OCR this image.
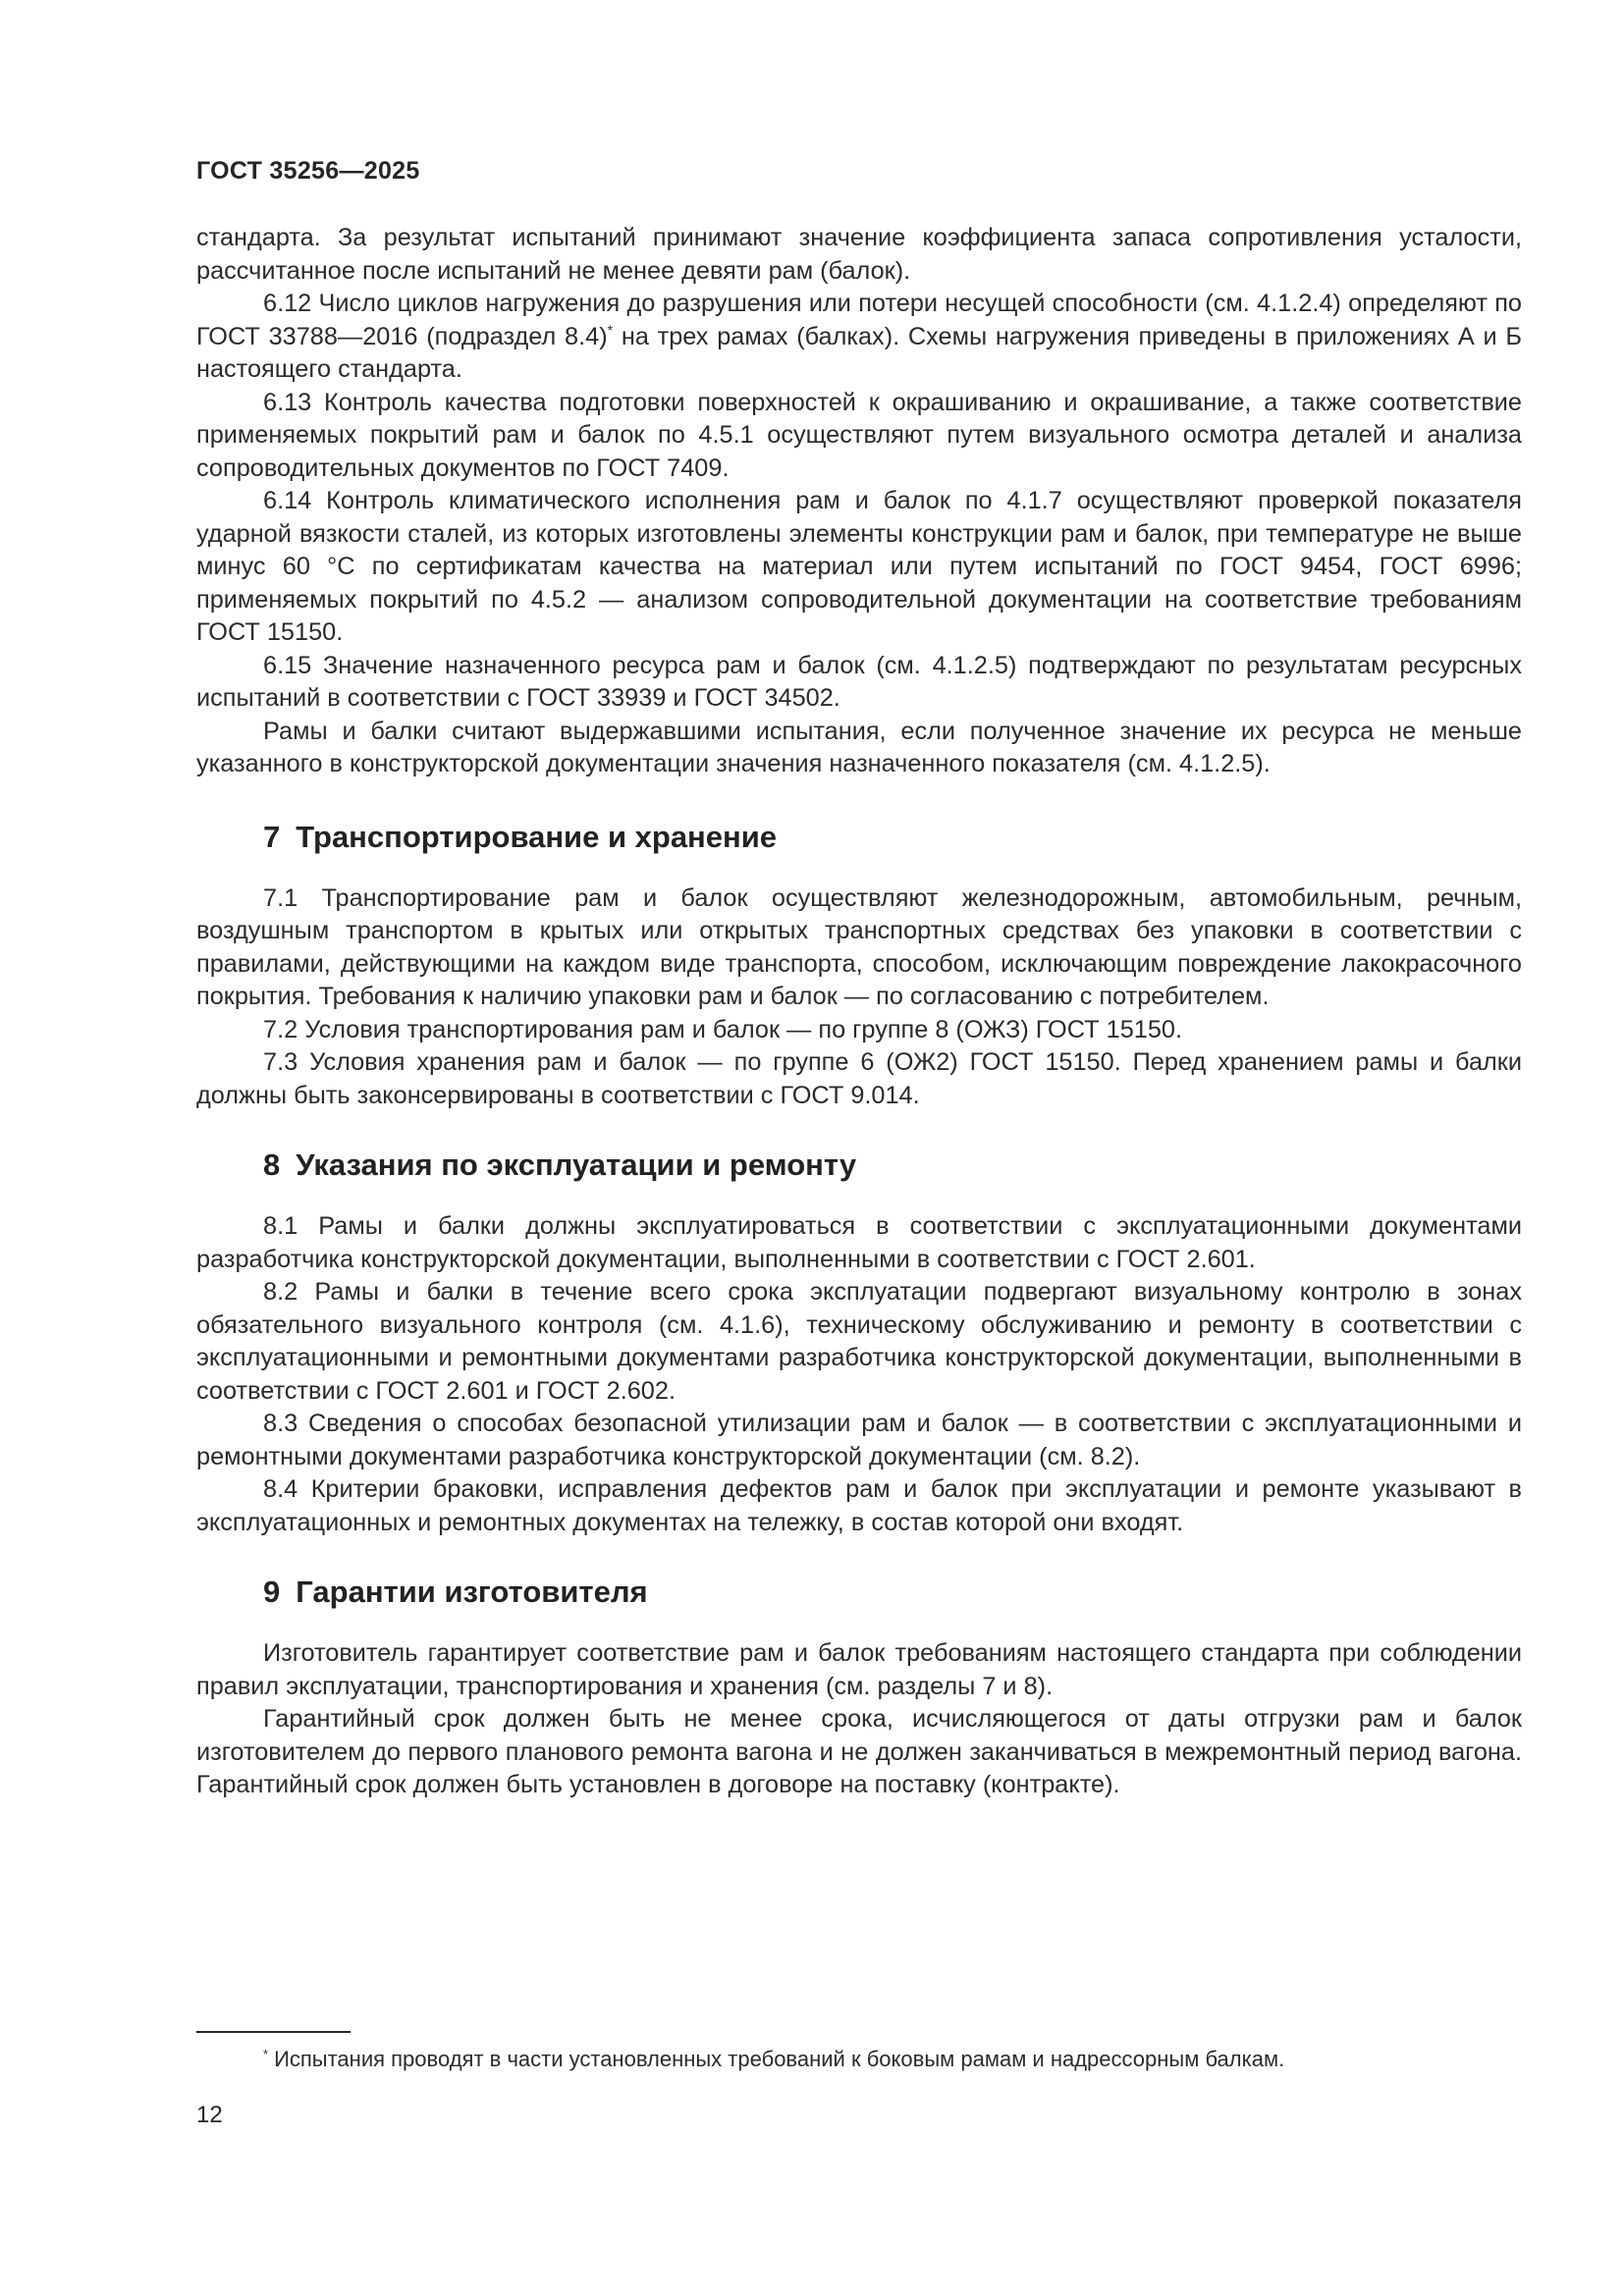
ГОСТ 35256—2025

стандарта. За результат испытаний принимают значение коэффициента запаса сопротивления усталости, рассчитанное после испытаний не менее девяти рам (балок).

6.12 Число циклов нагружения до разрушения или потери несущей способности (см. 4.1.2.4) определяют по ГОСТ 33788—2016 (подраздел 8.4)* на трех рамах (балках). Схемы нагружения приведены в приложениях А и Б настоящего стандарта.

6.13 Контроль качества подготовки поверхностей к окрашиванию и окрашивание, а также соответствие применяемых покрытий рам и балок по 4.5.1 осуществляют путем визуального осмотра деталей и анализа сопроводительных документов по ГОСТ 7409.

6.14 Контроль климатического исполнения рам и балок по 4.1.7 осуществляют проверкой показателя ударной вязкости сталей, из которых изготовлены элементы конструкции рам и балок, при температуре не выше минус 60 °С по сертификатам качества на материал или путем испытаний по ГОСТ 9454, ГОСТ 6996; применяемых покрытий по 4.5.2 — анализом сопроводительной документации на соответствие требованиям ГОСТ 15150.

6.15 Значение назначенного ресурса рам и балок (см. 4.1.2.5) подтверждают по результатам ресурсных испытаний в соответствии с ГОСТ 33939 и ГОСТ 34502.

Рамы и балки считают выдержавшими испытания, если полученное значение их ресурса не меньше указанного в конструкторской документации значения назначенного показателя (см. 4.1.2.5).

7 Транспортирование и хранение

7.1 Транспортирование рам и балок осуществляют железнодорожным, автомобильным, речным, воздушным транспортом в крытых или открытых транспортных средствах без упаковки в соответствии с правилами, действующими на каждом виде транспорта, способом, исключающим повреждение лакокрасочного покрытия. Требования к наличию упаковки рам и балок — по согласованию с потребителем.

7.2 Условия транспортирования рам и балок — по группе 8 (ОЖЗ) ГОСТ 15150.

7.3 Условия хранения рам и балок — по группе 6 (ОЖ2) ГОСТ 15150. Перед хранением рамы и балки должны быть законсервированы в соответствии с ГОСТ 9.014.

8 Указания по эксплуатации и ремонту

8.1 Рамы и балки должны эксплуатироваться в соответствии с эксплуатационными документами разработчика конструкторской документации, выполненными в соответствии с ГОСТ 2.601.

8.2 Рамы и балки в течение всего срока эксплуатации подвергают визуальному контролю в зонах обязательного визуального контроля (см. 4.1.6), техническому обслуживанию и ремонту в соответствии с эксплуатационными и ремонтными документами разработчика конструкторской документации, выполненными в соответствии с ГОСТ 2.601 и ГОСТ 2.602.

8.3 Сведения о способах безопасной утилизации рам и балок — в соответствии с эксплуатационными и ремонтными документами разработчика конструкторской документации (см. 8.2).

8.4 Критерии браковки, исправления дефектов рам и балок при эксплуатации и ремонте указывают в эксплуатационных и ремонтных документах на тележку, в состав которой они входят.

9 Гарантии изготовителя

Изготовитель гарантирует соответствие рам и балок требованиям настоящего стандарта при соблюдении правил эксплуатации, транспортирования и хранения (см. разделы 7 и 8).

Гарантийный срок должен быть не менее срока, исчисляющегося от даты отгрузки рам и балок изготовителем до первого планового ремонта вагона и не должен заканчиваться в межремонтный период вагона. Гарантийный срок должен быть установлен в договоре на поставку (контракте).

* Испытания проводят в части установленных требований к боковым рамам и надрессорным балкам.
12
